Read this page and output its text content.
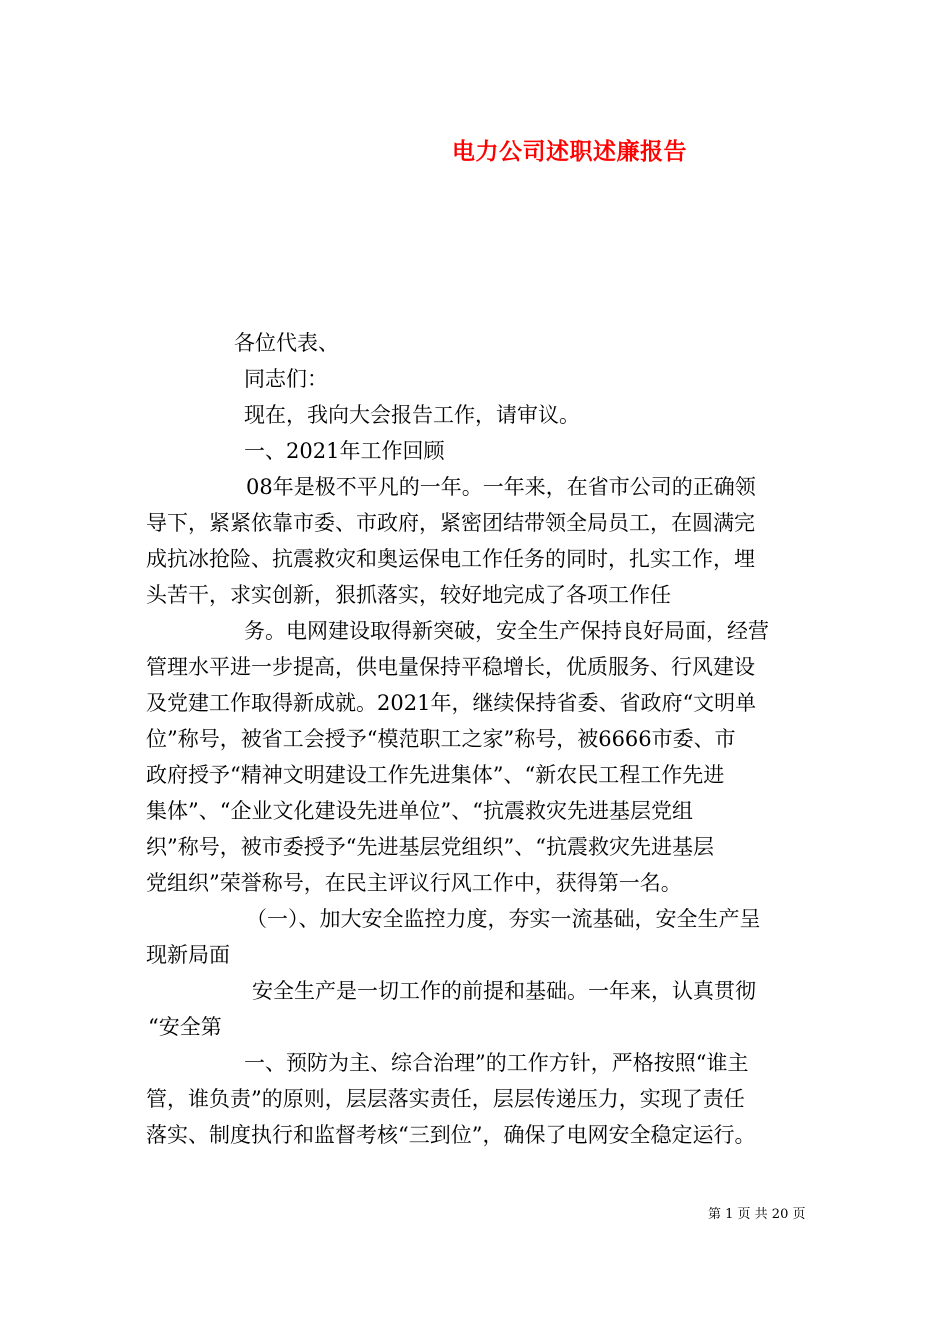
电力公司述职述廉报告
各位代表、
同志们：
现在，我向大会报告工作，请审议。
一、2021年工作回顾
08年是极不平凡的一年。一年来，在省市公司的正确领
导下，紧紧依靠市委、市政府，紧密团结带领全局员工，在圆满完
成抗冰抢险、抗震救灾和奥运保电工作任务的同时，扎实工作，埋
头苦干，求实创新，狠抓落实，较好地完成了各项工作任
务。电网建设取得新突破，安全生产保持良好局面，经营
管理水平进一步提高，供电量保持平稳增长，优质服务、行风建设
及党建工作取得新成就。2021年，继续保持省委、省政府“文明单
位”称号，被省工会授予“模范职工之家”称号，被6666市委、市
政府授予“精神文明建设工作先进集体”、“新农民工程工作先进
集体”、“企业文化建设先进单位”、“抗震救灾先进基层党组
织”称号，被市委授予“先进基层党组织”、“抗震救灾先进基层
党组织”荣誉称号，在民主评议行风工作中，获得第一名。
（一）、加大安全监控力度，夯实一流基础，安全生产呈
现新局面
安全生产是一切工作的前提和基础。一年来，认真贯彻
“安全第
一、预防为主、综合治理”的工作方针，严格按照“谁主
管，谁负责”的原则，层层落实责任，层层传递压力，实现了责任
落实、制度执行和监督考核“三到位”，确保了电网安全稳定运行。
第 1 页 共 20 页
